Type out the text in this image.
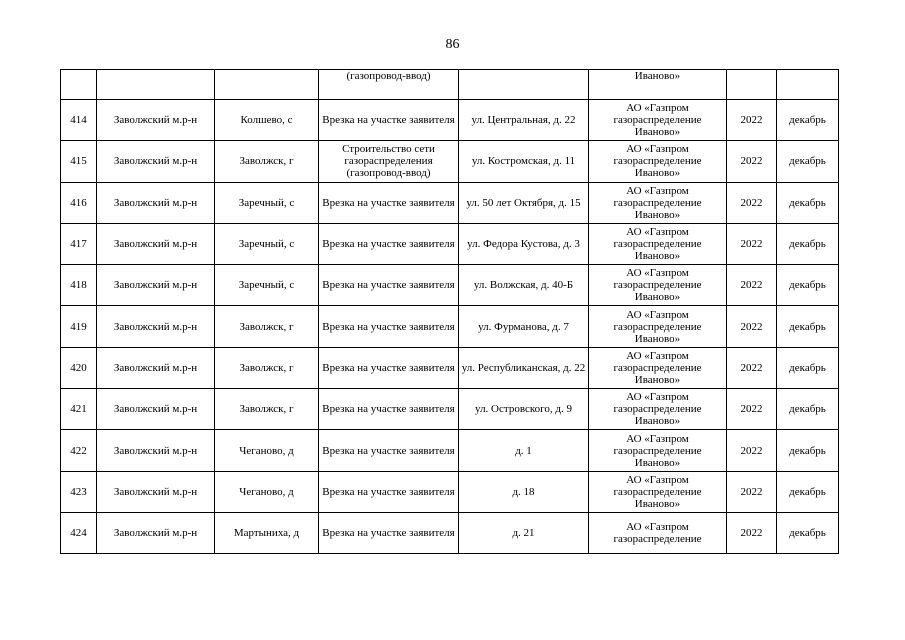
86
			(газопровод-ввод)		Иваново»		
414	Заволжский м.р-н	Колшево, с	Врезка на участке заявителя	ул. Центральная, д. 22	АО «Газпром газораспределение Иваново»	2022	декабрь
415	Заволжский м.р-н	Заволжск, г	Строительство сети газораспределения (газопровод-ввод)	ул. Костромская, д. 11	АО «Газпром газораспределение Иваново»	2022	декабрь
416	Заволжский м.р-н	Заречный, с	Врезка на участке заявителя	ул. 50 лет Октября, д. 15	АО «Газпром газораспределение Иваново»	2022	декабрь
417	Заволжский м.р-н	Заречный, с	Врезка на участке заявителя	ул. Федора Кустова, д. 3	АО «Газпром газораспределение Иваново»	2022	декабрь
418	Заволжский м.р-н	Заречный, с	Врезка на участке заявителя	ул. Волжская, д. 40-Б	АО «Газпром газораспределение Иваново»	2022	декабрь
419	Заволжский м.р-н	Заволжск, г	Врезка на участке заявителя	ул. Фурманова, д. 7	АО «Газпром газораспределение Иваново»	2022	декабрь
420	Заволжский м.р-н	Заволжск, г	Врезка на участке заявителя	ул. Республиканская, д. 22	АО «Газпром газораспределение Иваново»	2022	декабрь
421	Заволжский м.р-н	Заволжск, г	Врезка на участке заявителя	ул. Островского, д. 9	АО «Газпром газораспределение Иваново»	2022	декабрь
422	Заволжский м.р-н	Чеганово, д	Врезка на участке заявителя	д. 1	АО «Газпром газораспределение Иваново»	2022	декабрь
423	Заволжский м.р-н	Чеганово, д	Врезка на участке заявителя	д. 18	АО «Газпром газораспределение Иваново»	2022	декабрь
424	Заволжский м.р-н	Мартыниха, д	Врезка на участке заявителя	д. 21	АО «Газпром газораспределение	2022	декабрь
